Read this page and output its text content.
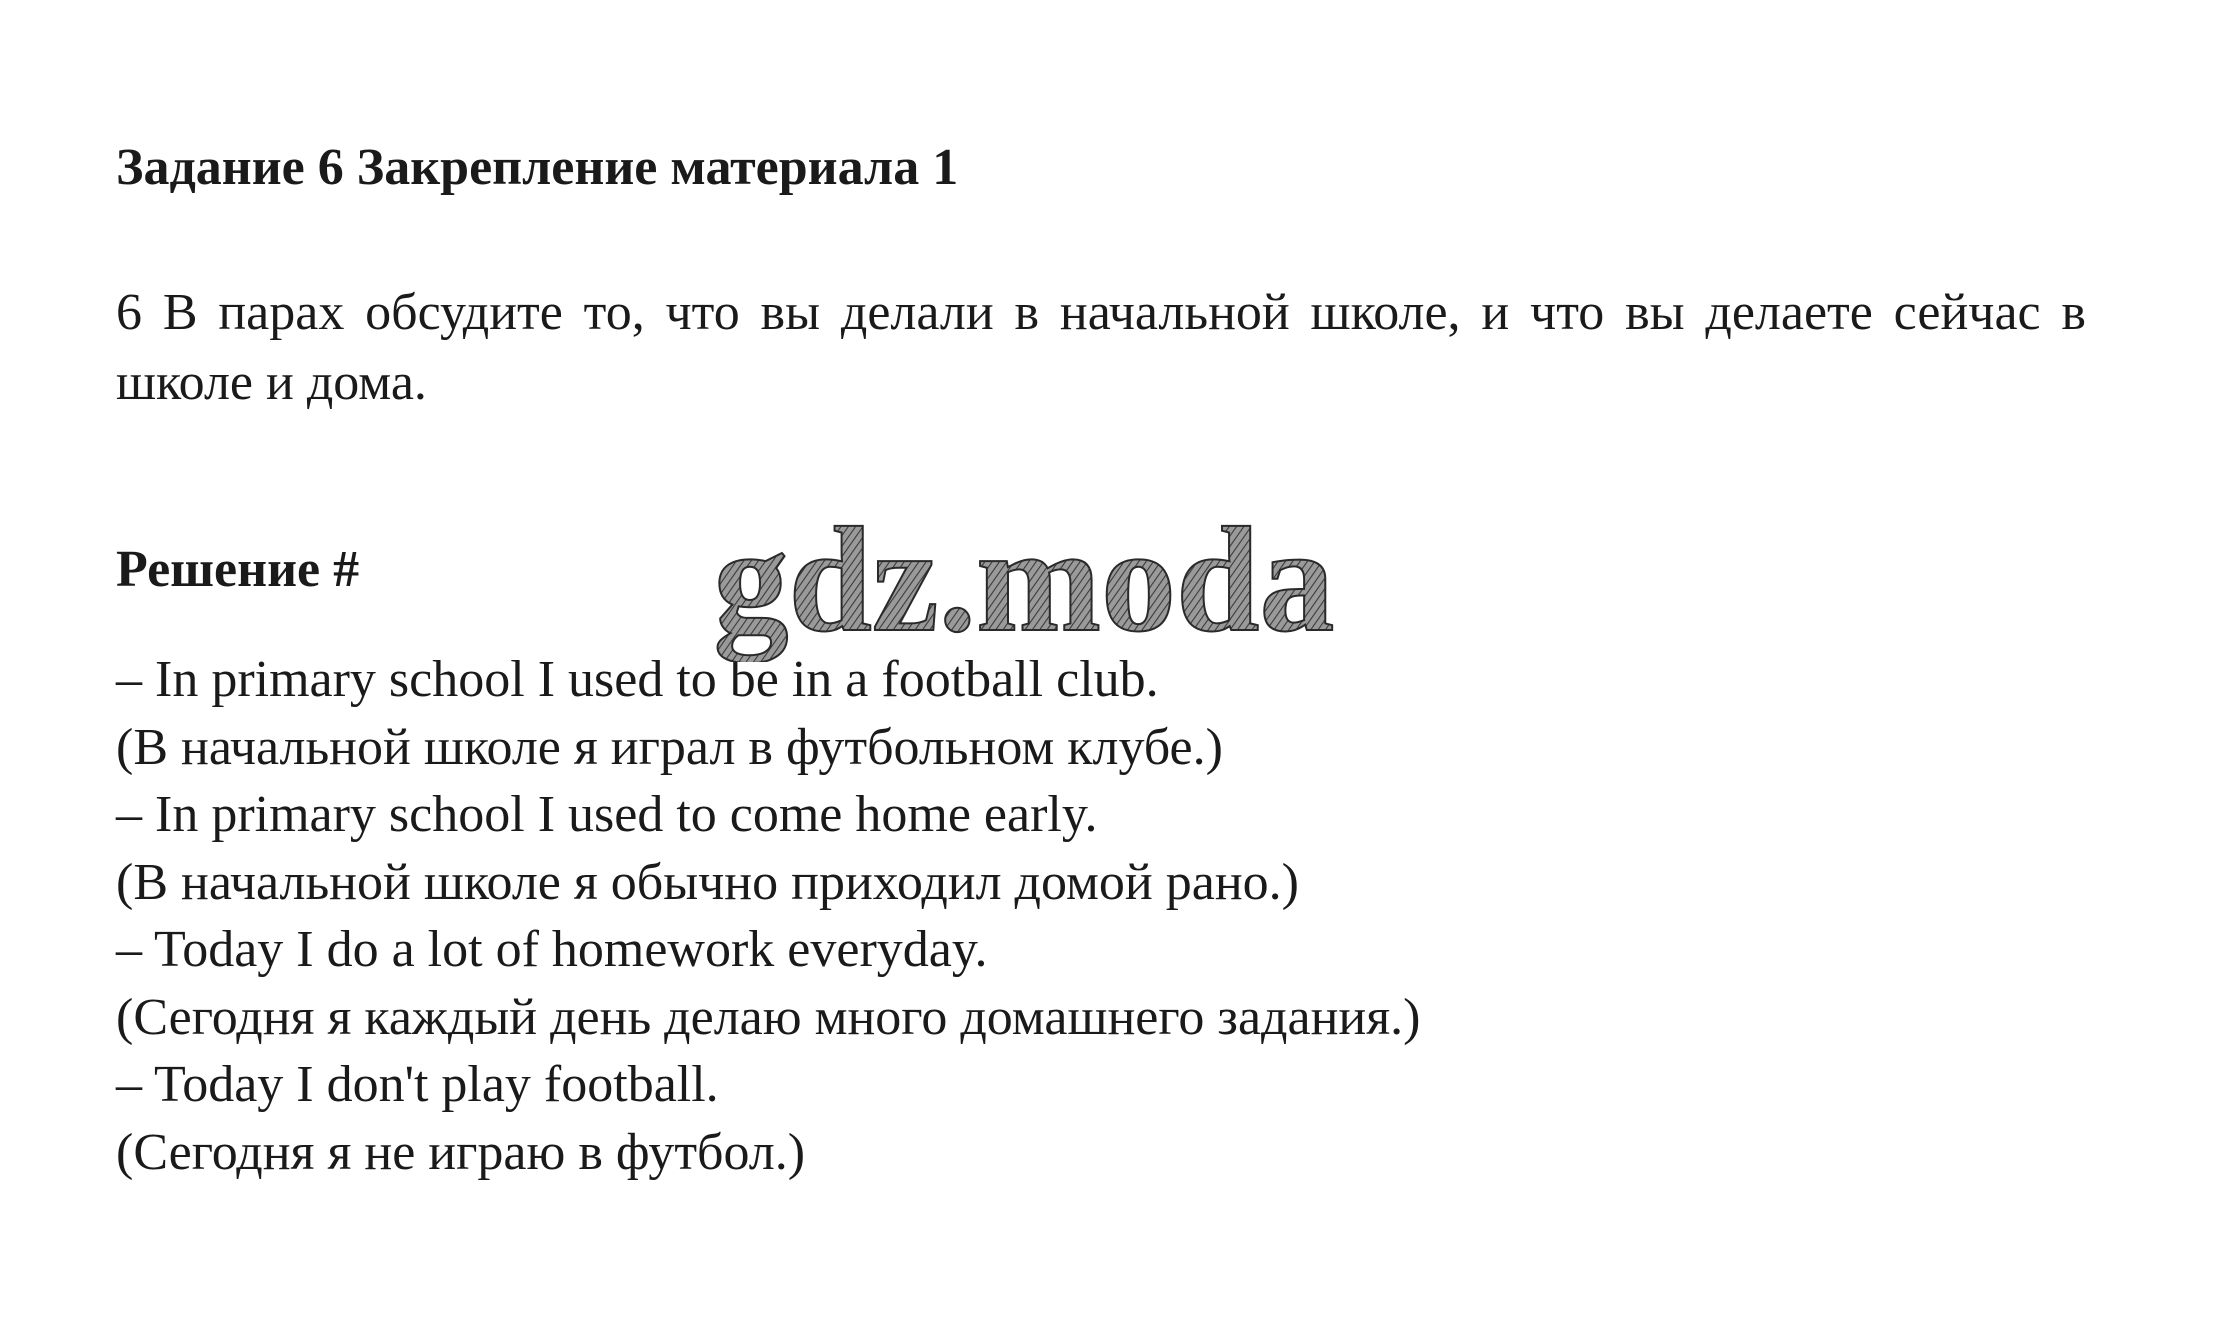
Задание 6 Закрепление материала 1
6 В парах обсудите то, что вы делали в начальной школе, и что вы делаете сейчас в школе и дома.
Решение #
– In primary school I used to be in a football club.
(В начальной школе я играл в футбольном клубе.)
– In primary school I used to come home early.
(В начальной школе я обычно приходил домой рано.)
– Today I do a lot of homework everyday.
(Сегодня я каждый день делаю много домашнего задания.)
– Today I don't play football.
(Сегодня я не играю в футбол.)
gdz.moda
